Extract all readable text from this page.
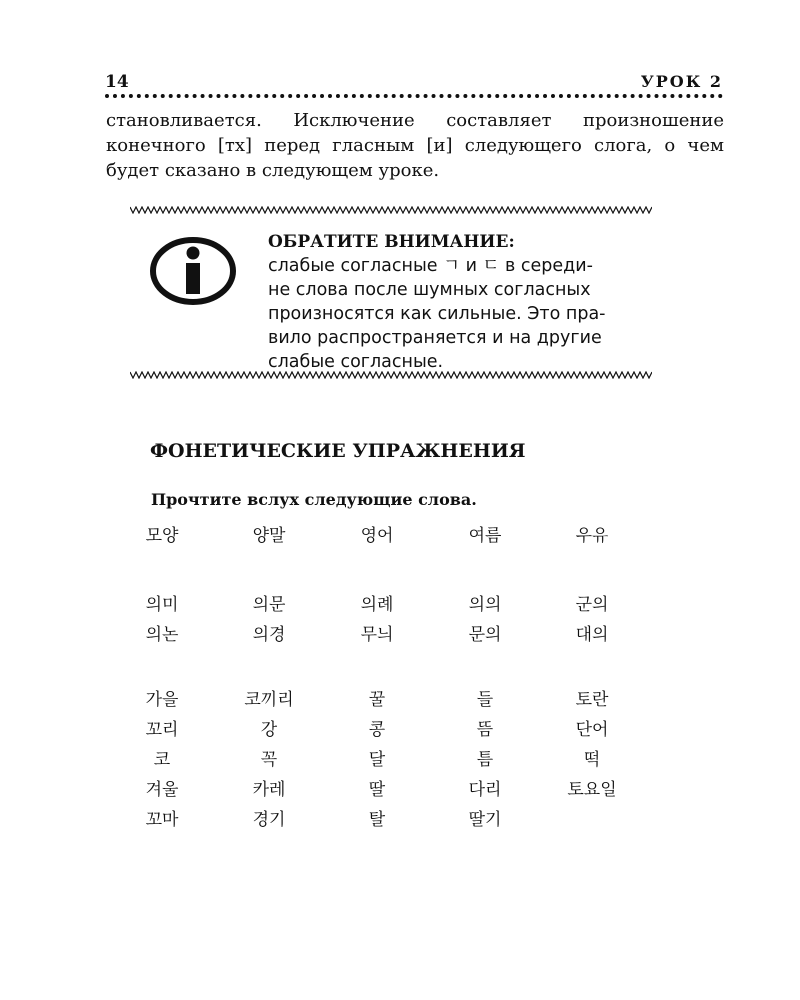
14	УРОК 2

становливается. Исключение составляет произношение конечного [тх] перед гласным [и] следующего слога, о чем будет сказано в следующем уроке.

ОБРАТИТЕ ВНИМАНИЕ:

слабые согласные ㄱ и ㄷ в середи-

не слова после шумных согласных

произносятся как сильные. Это пра-

вило распространяется и на другие

слабые согласные.

ФОНЕТИЧЕСКИЕ УПРАЖНЕНИЯ

Прочтите вслух следующие слова.

모양	양말	영어	여름	우유
의미	의문	의례	의의	군의
의논	의경	무늬	문의	대의
가을	코끼리	꿀	들	토란
꼬리	강	콩	뜸	단어
코	꼭	달	틈	떡
겨울	카레	딸	다리	토요일
꼬마	경기	탈	딸기
